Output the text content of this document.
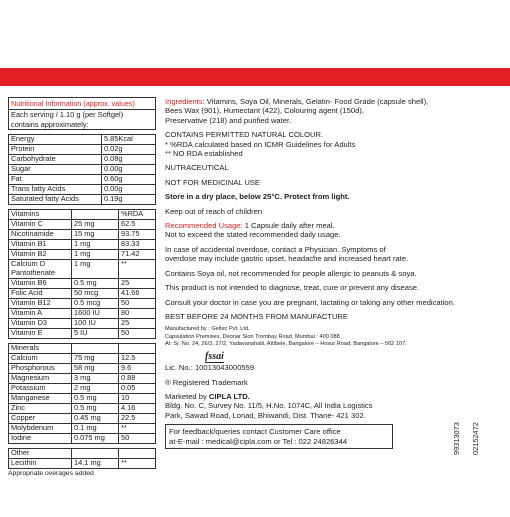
Nutritional Information (approx. values)
Each serving / 1.10 g (per Softgel)
contains approximately:
Energy	5.85Kcal
Protein	0.02g
Carbohydrate	0.08g
Sugar	0.00g
Fat	0.60g
Trans fatty Acids	0.00g
Saturated fatty Acids	0.19g
Vitamins		%RDA
Vitamin C	25 mg	62.5
Nicotinamide	15 mg	93.75
Vitamin B1	1 mg	83.33
Vitamin B2	1 mg	71.42
Calcium D	1 mg	**
Pantothenate		
Vitamin B6	0.5 mg	25
Folic Acid	50 mcg	41.66
Vitamin B12	0.5 mcg	50
Vitamin A	1600 IU	80
Vitamin D3	100 IU	25
Vitamin E	5 IU	50
Minerals		
Calcium	75 mg	12.5
Phosphorous	58 mg	9.6
Magnesium	3 mg	0.88
Potassium	2 mg	0.05
Manganese	0.5 mg	10
Zinc	0.5 mg	4.16
Copper	0.45 mg	22.5
Molybdenum	0.1 mg	**
Iodine	0.075 mg	50
Other		
Lecithin	14.1 mg	**
Appropriate overages added

Ingredients: Vitamins, Soya Oil, Minerals, Gelatin- Food Grade (capsule shell),

Bees Wax (901), Humectant (422), Colouring agent (150d),

Preservative (218) and purified water.

CONTAINS PERMITTED NATURAL COLOUR.

* %RDA calculated based on ICMR Guidelines for Adults

** NO RDA established

NUTRACEUTICAL

NOT FOR MEDICINAL USE

Store in a dry place, below 25°C. Protect from light.

Keep out of reach of children

Recommended Usage: 1 Capsule daily after meal.

Not to exceed the stated recommended daily usage.

In case of accidental overdose, contact a Physician. Symptoms of

overdose may include gastric upset, headache and increased heart rate.

Contains Soya oil, not recommended for people allergic to peanuts & soya.

This product is not intended to diagnose, treat, cure or prevent any disease.

Consult your doctor in case you are pregnant, lactating or taking any other medication.

BEST BEFORE 24 MONTHS FROM MANUFACTURE

Manufactured by : Geltec Pvt. Ltd.

Capsulation Premises, Deonar Sion Trombay Road, Mumbai : 400 088

At: Sr. No. 24, 26/3, 27/2, Yadavanahalli, Attibele, Bangalore – Hosur Road, Bangalore – 562 107.

fssai

Lic. No.: 10013043000559

® Registered Trademark

Marketed by CIPLA LTD.

Bldg. No. C, Survey No. 11/5, H.No. 1074C, All India Logistics

Park, Sawad Road, Lonad, Bhiwandi, Dist. Thane- 421 302.

For feedback/queries contact Customer Care office

at-E-mail : medical@cipla.com or Tel : 022 24826344	99313073 02152472
